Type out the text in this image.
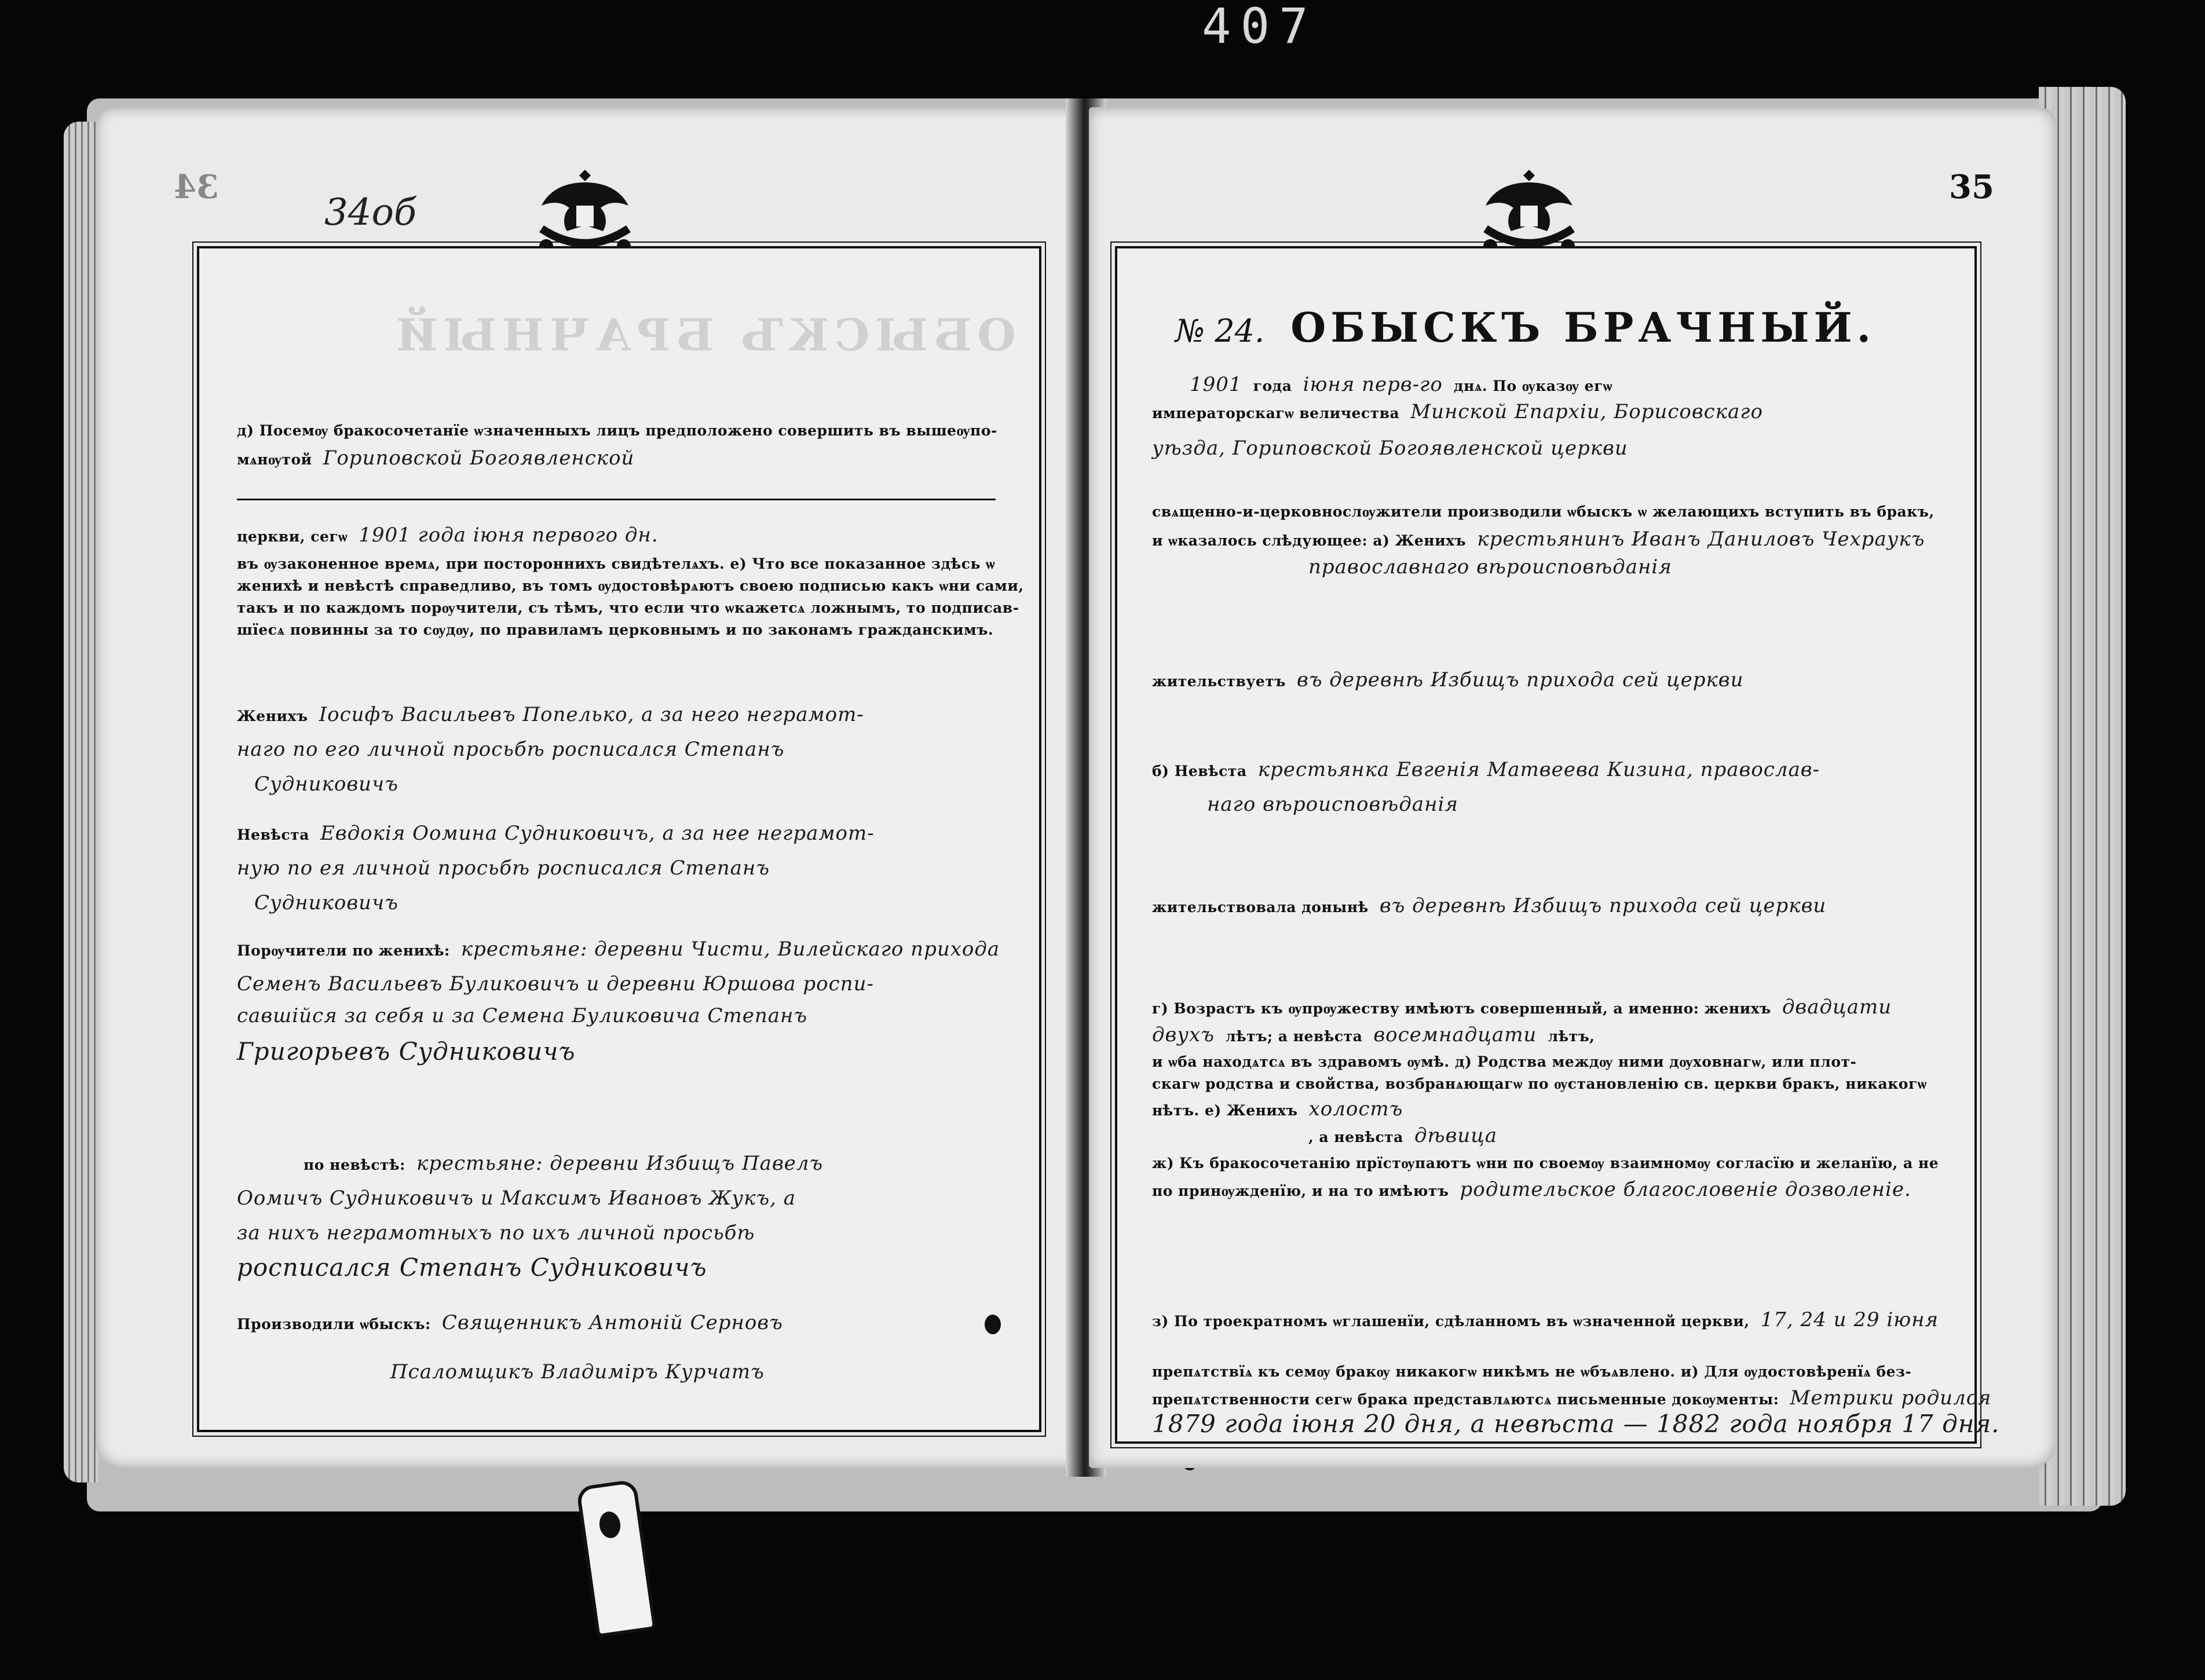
407
34
34об
ОБЫСКЪ БРАЧНЫЙ
д) Посемѹ бракосочетанїе ѡзначенныхъ лицъ предположено совершить въ вышеѹпо-
мѧнѹтой Гориповской Богоявленской
церкви, сегѡ 1901 года іюня первого дн.
въ ѹзаконенное времѧ, при постороннихъ свидѣтелѧхъ. е) Что все показанное здѣсь ѡ
женихѣ и невѣстѣ справедливо, въ томъ ѹдостовѣрѧютъ своею подписью какъ ѡни сами,
такъ и по каждомъ порѹчители, съ тѣмъ, что если что ѡкажетсѧ ложнымъ, то подписав-
шїесѧ повинны за то сѹдѹ, по правиламъ церковнымъ и по законамъ гражданскимъ.
Женихъ Іосифъ Васильевъ Попелько, а за него неграмот-
наго по его личной просьбѣ росписался Степанъ
Судниковичъ
Невѣста Евдокія Оомина Судниковичъ, а за нее неграмот-
ную по ея личной просьбѣ росписался Степанъ
Судниковичъ
Порѹчители по женихѣ: крестьяне: деревни Чисти, Вилейскаго прихода
Семенъ Васильевъ Буликовичъ и деревни Юршова роспи-
савшійся за себя и за Семена Буликовича Степанъ
Григорьевъ Судниковичъ
по невѣстѣ: крестьяне: деревни Избищъ Павелъ
Оомичъ Судниковичъ и Максимъ Ивановъ Жукъ, а
за нихъ неграмотныхъ по ихъ личной просьбѣ
росписался Степанъ Судниковичъ
Производили ѡбыскъ: Священникъ Антоній Серновъ
Псаломщикъ Владиміръ Курчатъ
35
№ 24. ОБЫСКЪ БРАЧНЫЙ.
1901 года іюня перв-го днѧ. По ѹказѹ егѡ
императорскагѡ величества Минской Епархіи, Борисовскаго
уѣзда, Гориповской Богоявленской церкви
свѧщенно-и-церковнослѹжители производили ѡбыскъ ѡ желающихъ вступить въ бракъ,
и ѡказалось слѣдующее: а) Женихъ крестьянинъ Иванъ Даниловъ Чехраукъ
православнаго вѣроисповѣданія
жительствуетъ въ деревнѣ Избищъ прихода сей церкви
б) Невѣста крестьянка Евгенія Матвеева Кизина, православ-
наго вѣроисповѣданія
жительствовала донынѣ въ деревнѣ Избищъ прихода сей церкви
г) Возрастъ къ ѹпрѹжеству имѣютъ совершенный, а именно: женихъ двадцати
двухъ лѣтъ; а невѣста восемнадцати лѣтъ,
и ѡба находѧтсѧ въ здравомъ ѹмѣ. д) Родства междѹ ними дѹховнагѡ, или плот-
скагѡ родства и свойства, возбранѧющагѡ по ѹстановленію св. церкви бракъ, никакогѡ
нѣтъ. е) Женихъ холостъ
, а невѣста дѣвица
ж) Къ бракосочетанію прїстѹпаютъ ѡни по своемѹ взаимномѹ согласїю и желанїю, а не
по принѹжденїю, и на то имѣютъ родительское благословеніе дозволеніе.
з) По троекратномъ ѡглашенїи, сдѣланномъ въ ѡзначенной церкви, 17, 24 и 29 іюня
препѧтствїѧ къ семѹ бракѹ никакогѡ никѣмъ не ѡбъѧвлено. и) Для ѹдостовѣренїѧ без-
препѧтственности сегѡ брака представлѧютсѧ письменные докѹменты: Метрики родился
1879 года іюня 20 дня, а невѣста — 1882 года ноября 17 дня.
